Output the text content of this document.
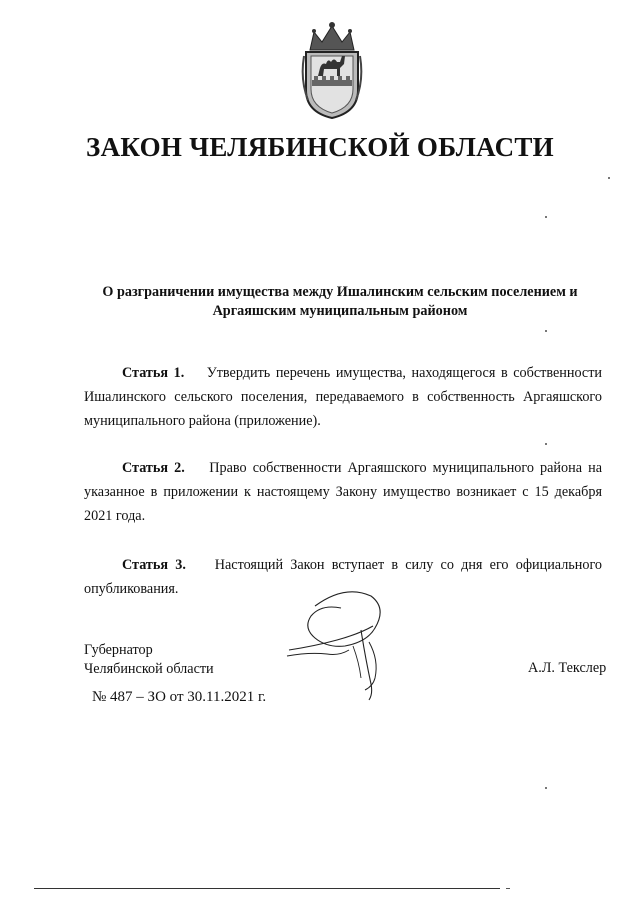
ЗАКОН ЧЕЛЯБИНСКОЙ ОБЛАСТИ
О разграничении имущества между Ишалинским сельским поселением и Аргаяшским муниципальным районом
Статья 1. Утвердить перечень имущества, находящегося в собственности Ишалинского сельского поселения, передаваемого в собственность Аргаяшского муниципального района (приложение).
Статья 2. Право собственности Аргаяшского муниципального района на указанное в приложении к настоящему Закону имущество возникает с 15 декабря 2021 года.
Статья 3. Настоящий Закон вступает в силу со дня его официального опубликования.
Губернатор
Челябинской области	А.Л. Текслер
№ 487 – ЗО от 30.11.2021 г.
